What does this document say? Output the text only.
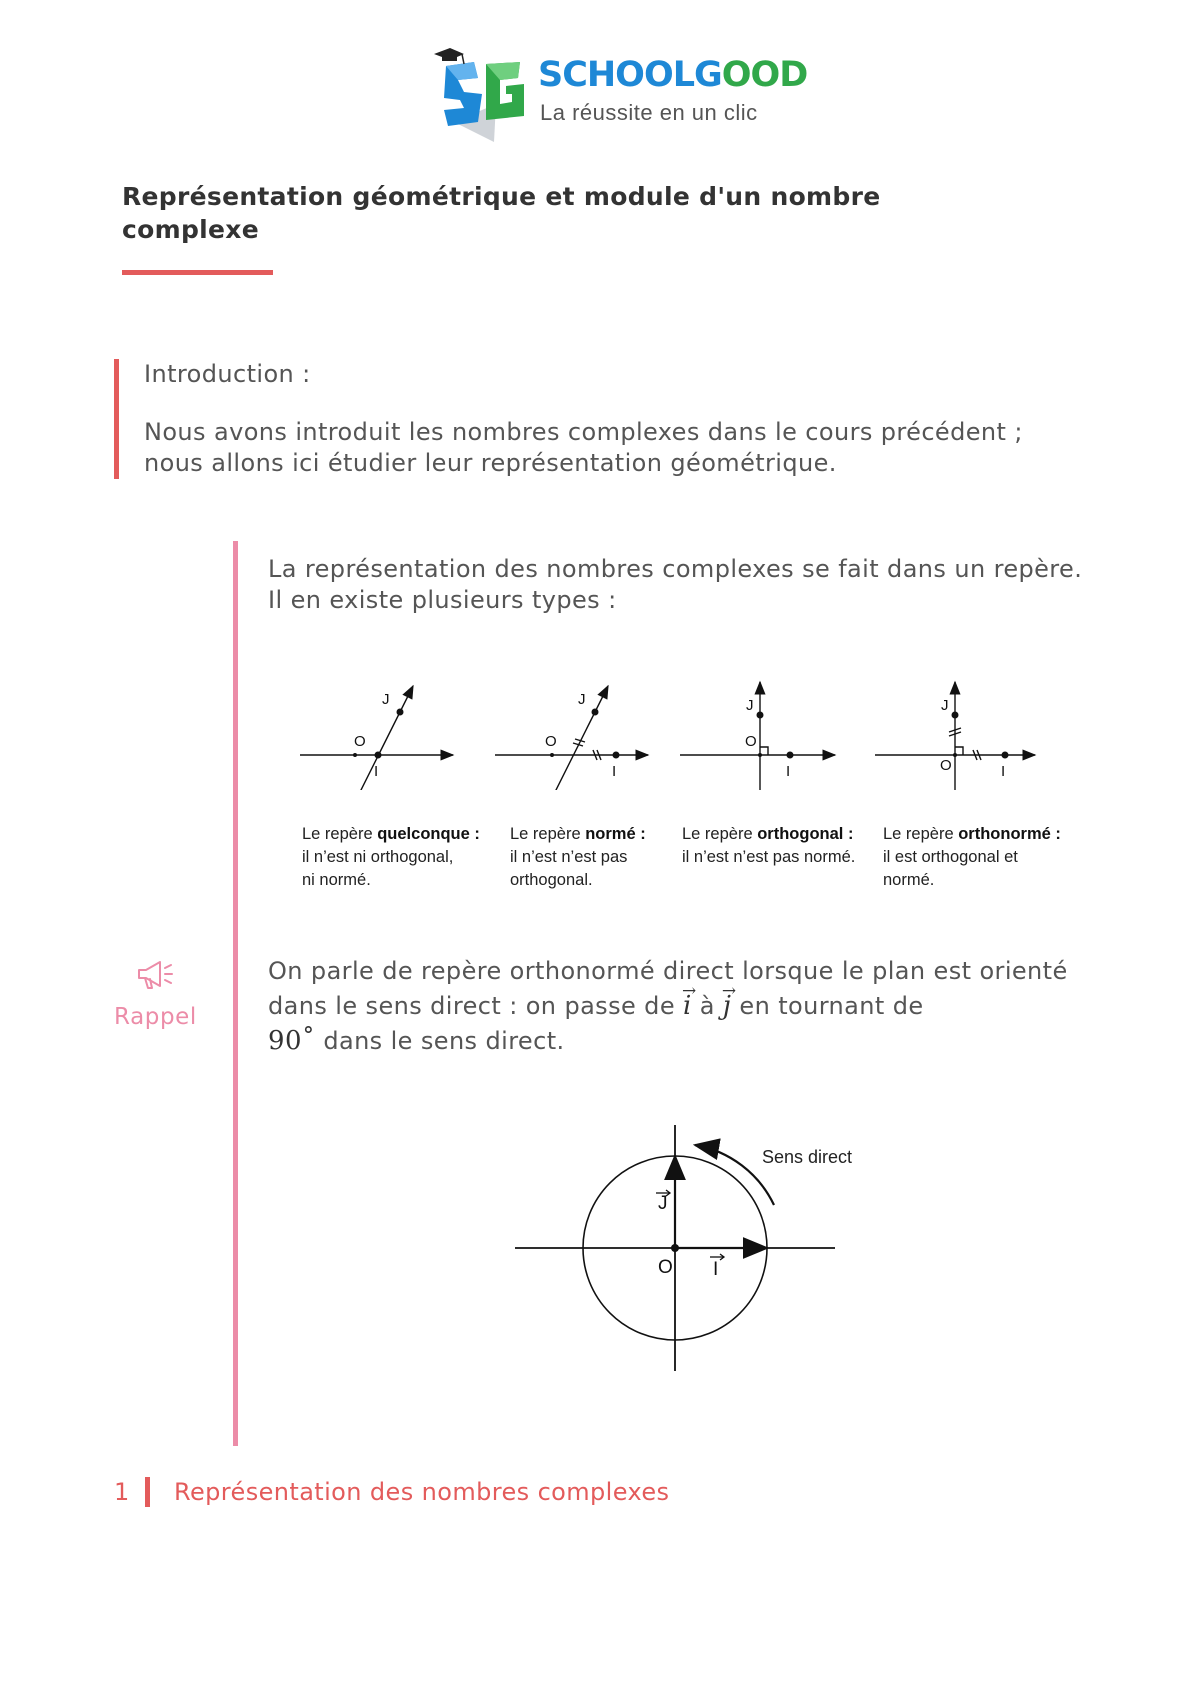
SCHOOLGOOD
La réussite en un clic
Représentation géométrique et module d'un nombre complexe
Introduction :

Nous avons introduit les nombres complexes dans le cours précédent ; nous allons ici étudier leur représentation géométrique.

Rappel

La représentation des nombres complexes se fait dans un repère. Il en existe plusieurs types :

O
I
J
O
I
J
O
I
J
O	I
J
Le repère quelconque :
il n’est ni orthogonal,
ni normé.
Le repère normé :
il n’est n’est pas
orthogonal.
Le repère orthogonal :
il n’est n’est pas normé.
Le repère orthonormé :
il est orthogonal et
normé.

On parle de repère orthonormé direct lorsque le plan est orienté dans le sens direct : on passe de → i à → j en tournant de
90˚ dans le sens direct.

O I
J
Sens direct
1 Représentation des nombres complexes
